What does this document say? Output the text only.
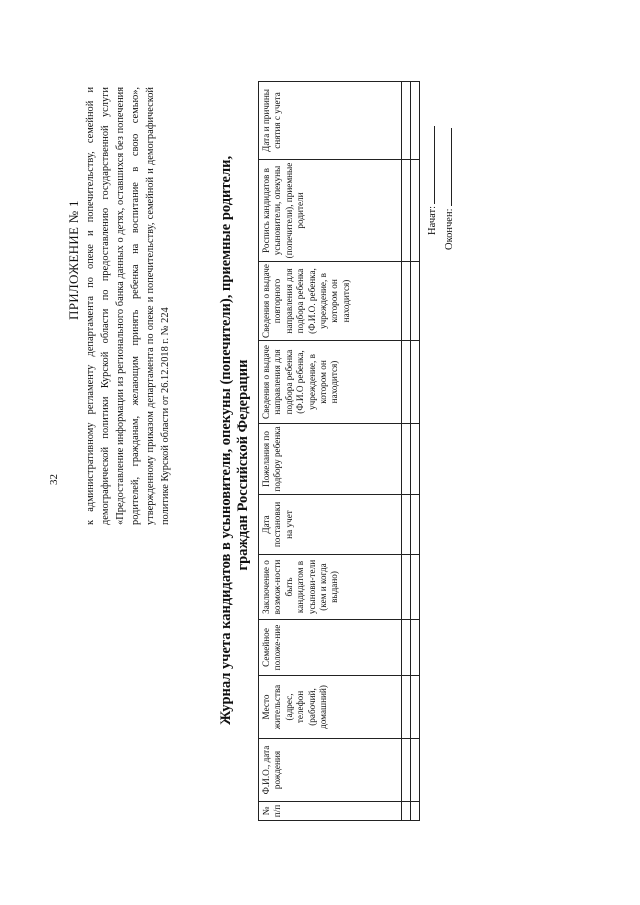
32
ПРИЛОЖЕНИЕ № 1 к административному регламенту департамента по опеке и попечительству, семейной и демографической политики Курской области по предоставлению государственной услуги «Предоставление информации из регионального банка данных о детях, оставшихся без попечения родителей, гражданам, желающим принять ребенка на воспитание в свою семью», утвержденному приказом департамента по опеке и попечительству, семейной и демографической политике Курской области от 26.12.2018 г. № 224	Журнал учета кандидатов в усыновители, опекуны (попечители), приемные родители, граждан Российской Федерации
№ п/п	Ф.И.О., дата рождения	Место жительства (адрес, телефон (рабочий, домашний)	Семейное положе-ние	Заключение о возмож-ности быть кандидатом в усынови-тели (кем и когда выдано)	Дата постановки на учет	Пожелания по подбору ребенка	Сведения о выдаче направления для подбора ребенка (Ф.И.О ребенка, учреждение, в котором он находится)	Сведения о выдаче повторного направления для подбора ребенка (Ф.И.О. ребенка, учреждение, в котором он находится)	Роспись кандидатов в усыновители, опекуны (попечители), приемные родители	Дата и причины снятия с учета

Начат: Окончен:
